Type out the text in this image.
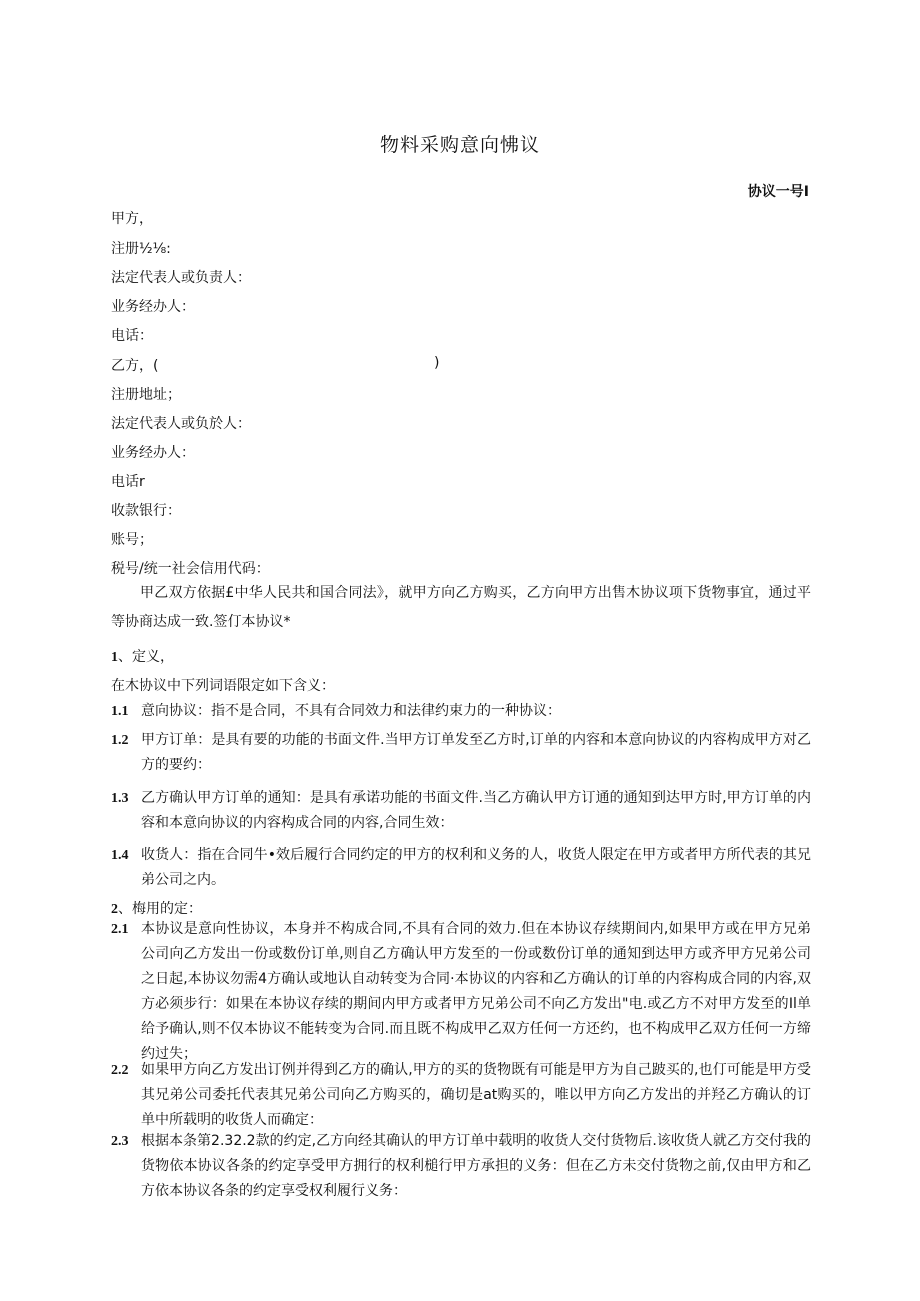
物料采购意向怫议
协议一号I
甲方，
注册½⅛:
法定代表人或负责人：
业务经办人：
电话：
乙方，(	)
注册地址；
法定代表人或负於人：
业务经办人：
电话r
收款银行：
账号；
税号/统一社会信用代码：
甲乙双方依据£中华人民共和国合同法》，就甲方向乙方购买，乙方向甲方出售木协议项下货物事宜，通过平等协商达成一致.签仃本协议*
1、定义，
在木协议中下列词语限定如下含义：
1.1 意向协议：指不是合同，不具有合同效力和法律约束力的一种协议：
1.2 甲方订单：是具有要的功能的书面文件.当甲方订单发至乙方时,订单的内容和本意向协议的内容构成甲方对乙方的要约：
1.3 乙方确认甲方订单的通知：是具有承诺功能的书面文件.当乙方确认甲方订通的通知到达甲方时,甲方订单的内容和本意向协议的内容构成合同的内容,合同生效：
1.4 收货人：指在合同牛•效后履行合同约定的甲方的权利和义务的人，收货人限定在甲方或者甲方所代表的其兄弟公司之内。
2、梅用的定：
2.1 本协议是意向性协议，本身并不构成合同,不具有合同的效力.但在本协议存续期间内,如果甲方或在甲方兄弟公司向乙方发出一份或数份订单,则自乙方确认甲方发至的一份或数份订单的通知到达甲方或齐甲方兄弟公司之日起,本协议勿需4方确认或地认自动转变为合同·本协议的内容和乙方确认的订单的内容构成合同的内容,双方必须步行：如果在本协议存续的期间内甲方或者甲方兄弟公司不向乙方发出"电.或乙方不对甲方发至的Il单给予确认,则不仅本协议不能转变为合同.而且既不构成甲乙双方任何一方还约，也不构成甲乙双方任何一方缔约过失；
2.2 如果甲方向乙方发出订例并得到乙方的确认,甲方的买的货物既有可能是甲方为自己跛买的,也仃可能是甲方受其兄弟公司委托代表其兄弟公司向乙方购买的，确切是at购买的，唯以甲方向乙方发出的并羟乙方确认的订单中所载明的收货人而确定：
2.3 根据本条第2.32.2款的约定,乙方向经其确认的甲方订单中载明的收货人交付货物后.该收货人就乙方交付我的货物依本协议各条的约定享受甲方拥行的权利槌行甲方承担的义务：但在乙方未交付货物之前,仅由甲方和乙方依本协议各条的约定享受权利履行义务：
